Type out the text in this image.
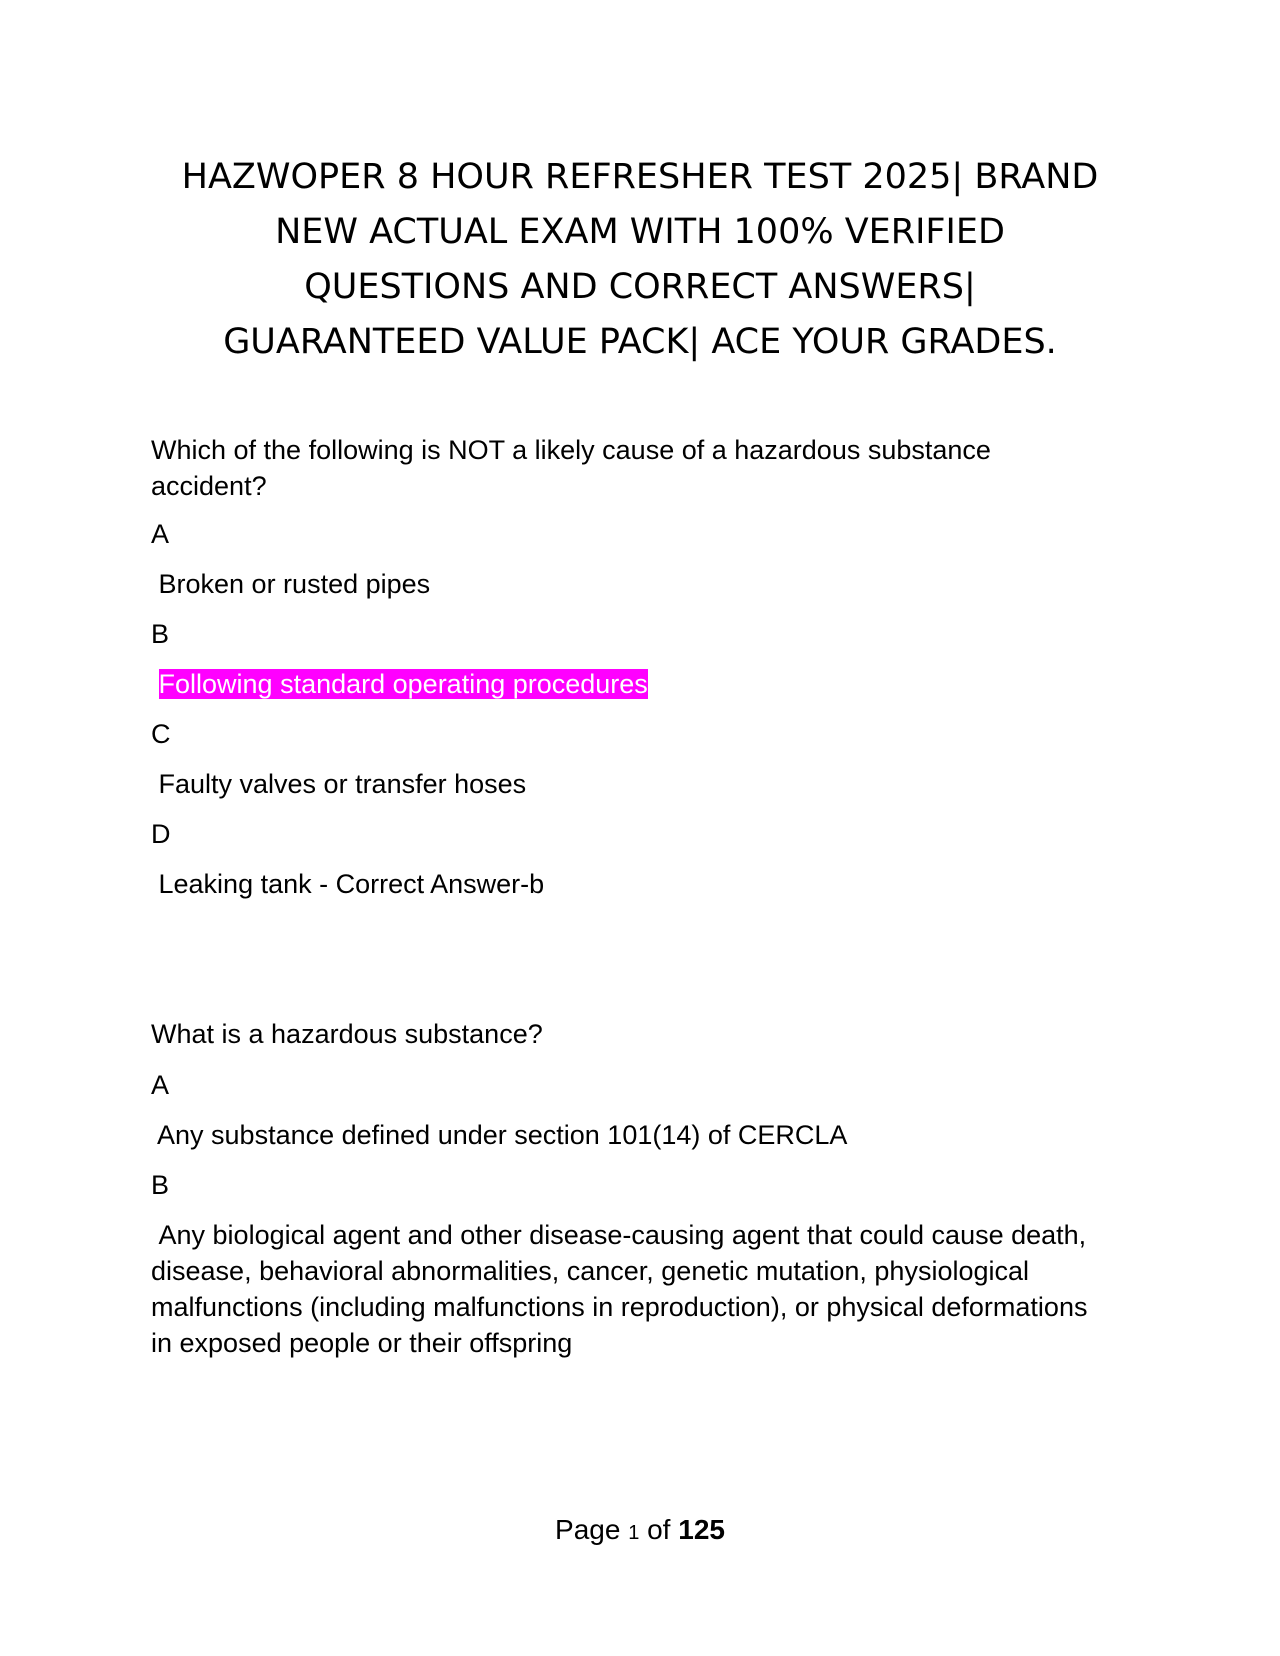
HAZWOPER 8 HOUR REFRESHER TEST 2025| BRAND
NEW ACTUAL EXAM WITH 100% VERIFIED
QUESTIONS AND CORRECT ANSWERS|
GUARANTEED VALUE PACK| ACE YOUR GRADES.

Which of the following is NOT a likely cause of a hazardous substance accident?

A

Broken or rusted pipes

B

Following standard operating procedures

C

Faulty valves or transfer hoses

D

Leaking tank - Correct Answer-b

What is a hazardous substance?

A

Any substance defined under section 101(14) of CERCLA

B

Any biological agent and other disease-causing agent that could cause death, disease, behavioral abnormalities, cancer, genetic mutation, physiological malfunctions (including malfunctions in reproduction), or physical deformations in exposed people or their offspring

Page 1 of 125
